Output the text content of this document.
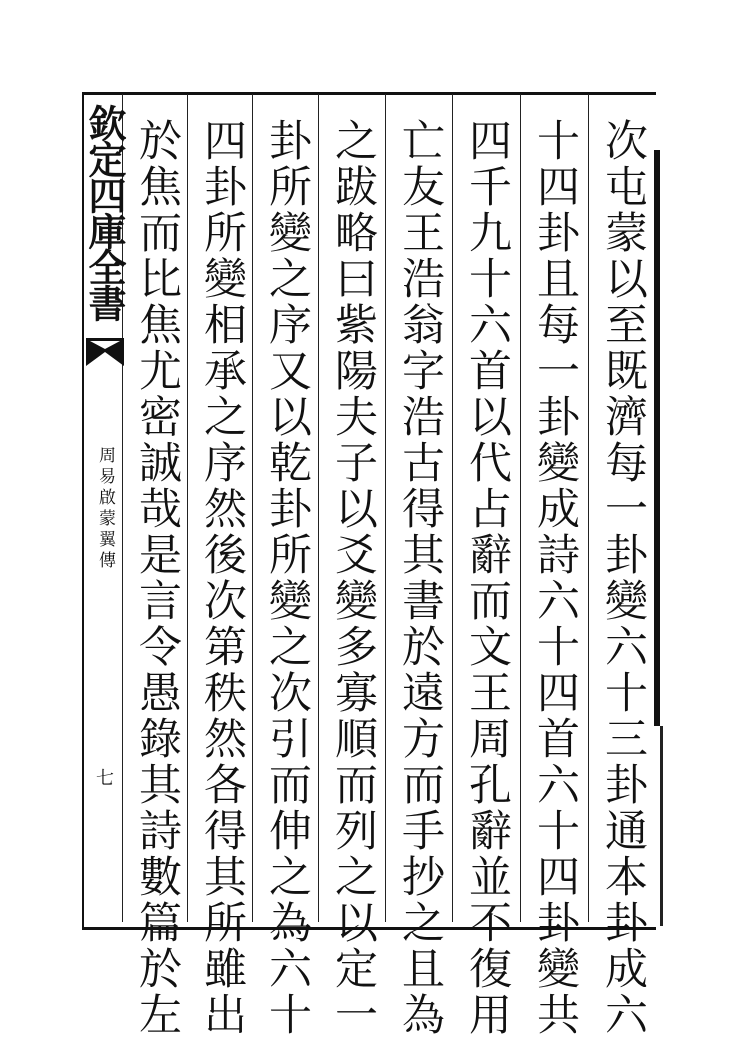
欽定四庫全書
周易啟蒙翼傳
七	次屯蒙以至既濟每一卦變六十三卦通本卦成六
十四卦且每一卦變成詩六十四首六十四卦變共
四千九十六首以代占辭而文王周孔辭並不復用
亡友王浩翁字浩古得其書於遠方而手抄之且為
之跋略曰紫陽夫子以爻變多寡順而列之以定一
卦所變之序又以乾卦所變之次引而伸之為六十
四卦所變相承之序然後次第秩然各得其所雖出
於焦而比焦尤密誠哉是言令愚錄其詩數篇於左
